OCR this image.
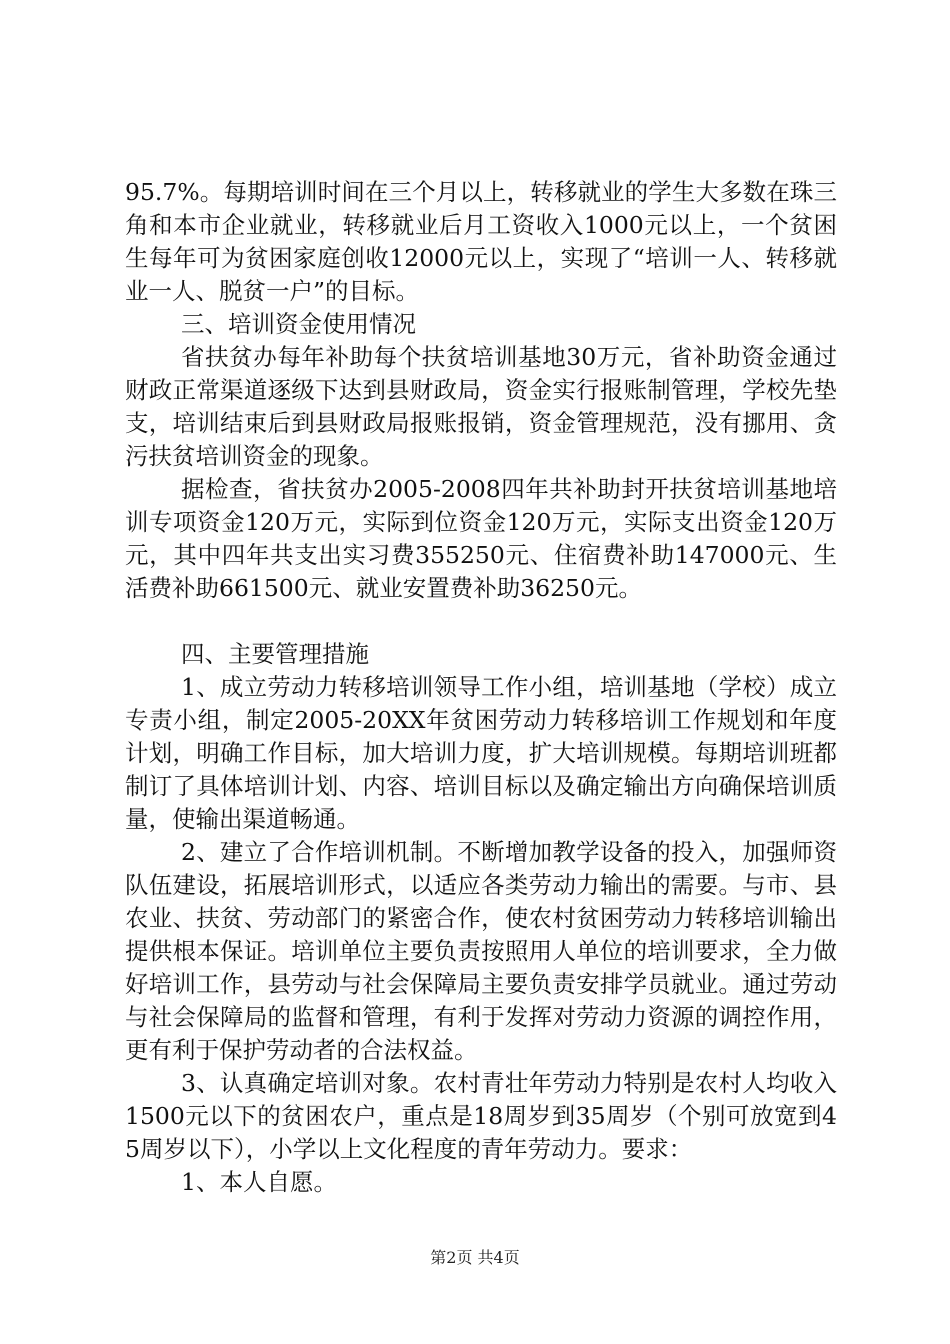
95.7%。每期培训时间在三个月以上，转移就业的学生大多数在珠三角和本市企业就业，转移就业后月工资收入1000元以上，一个贫困生每年可为贫困家庭创收12000元以上，实现了“培训一人、转移就业一人、脱贫一户”的目标。

三、培训资金使用情况

省扶贫办每年补助每个扶贫培训基地30万元，省补助资金通过财政正常渠道逐级下达到县财政局，资金实行报账制管理，学校先垫支，培训结束后到县财政局报账报销，资金管理规范，没有挪用、贪污扶贫培训资金的现象。

据检查，省扶贫办2005-2008四年共补助封开扶贫培训基地培训专项资金120万元，实际到位资金120万元，实际支出资金120万元，其中四年共支出实习费355250元、住宿费补助147000元、生活费补助661500元、就业安置费补助36250元。

四、主要管理措施

1、成立劳动力转移培训领导工作小组，培训基地（学校）成立专责小组，制定2005-20XX年贫困劳动力转移培训工作规划和年度计划，明确工作目标，加大培训力度，扩大培训规模。每期培训班都制订了具体培训计划、内容、培训目标以及确定输出方向确保培训质量，使输出渠道畅通。

2、建立了合作培训机制。不断增加教学设备的投入，加强师资队伍建设，拓展培训形式，以适应各类劳动力输出的需要。与市、县农业、扶贫、劳动部门的紧密合作，使农村贫困劳动力转移培训输出提供根本保证。培训单位主要负责按照用人单位的培训要求，全力做好培训工作，县劳动与社会保障局主要负责安排学员就业。通过劳动与社会保障局的监督和管理，有利于发挥对劳动力资源的调控作用，更有利于保护劳动者的合法权益。

3、认真确定培训对象。农村青壮年劳动力特别是农村人均收入1500元以下的贫困农户，重点是18周岁到35周岁（个别可放宽到45周岁以下），小学以上文化程度的青年劳动力。要求：

1、本人自愿。

第2页 共4页
